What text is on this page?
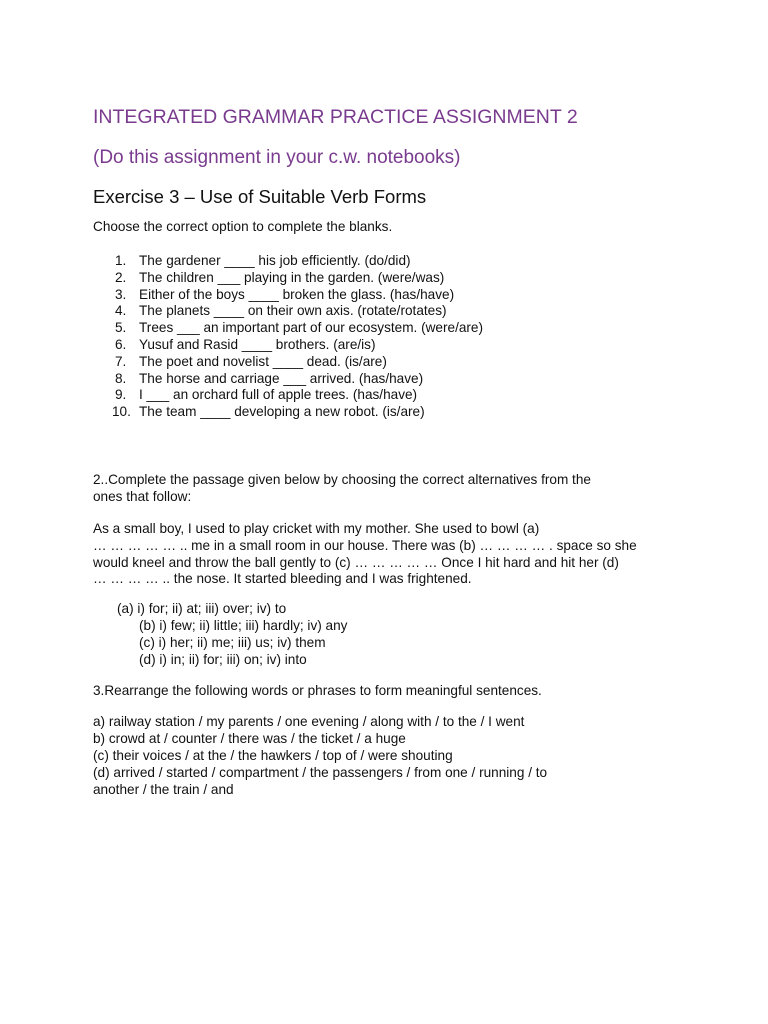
INTEGRATED GRAMMAR PRACTICE ASSIGNMENT 2
(Do this assignment in your c.w. notebooks)
Exercise 3 – Use of Suitable Verb Forms
Choose the correct option to complete the blanks.
1. The gardener ____ his job efficiently. (do/did)
2. The children ___ playing in the garden. (were/was)
3. Either of the boys ____ broken the glass. (has/have)
4. The planets ____ on their own axis. (rotate/rotates)
5. Trees ___ an important part of our ecosystem. (were/are)
6. Yusuf and Rasid ____ brothers. (are/is)
7. The poet and novelist ____ dead. (is/are)
8. The horse and carriage ___ arrived. (has/have)
9. I ___ an orchard full of apple trees. (has/have)
10. The team ____ developing a new robot. (is/are)
2..Complete the passage given below by choosing the correct alternatives from the
ones that follow:
As a small boy, I used to play cricket with my mother. She used to bowl (a)
… … … … … .. me in a small room in our house. There was (b) … … … … . space so she
would kneel and throw the ball gently to (c) … … … … … Once I hit hard and hit her (d)
… … … … .. the nose. It started bleeding and I was frightened.
(a) i) for; ii) at; iii) over; iv) to
(b) i) few; ii) little; iii) hardly; iv) any
(c) i) her; ii) me; iii) us; iv) them
(d) i) in; ii) for; iii) on; iv) into
3.Rearrange the following words or phrases to form meaningful sentences.
a) railway station / my parents / one evening / along with / to the / I went
b) crowd at / counter / there was / the ticket / a huge
(c) their voices / at the / the hawkers / top of / were shouting
(d) arrived / started / compartment / the passengers / from one / running / to
another / the train / and
